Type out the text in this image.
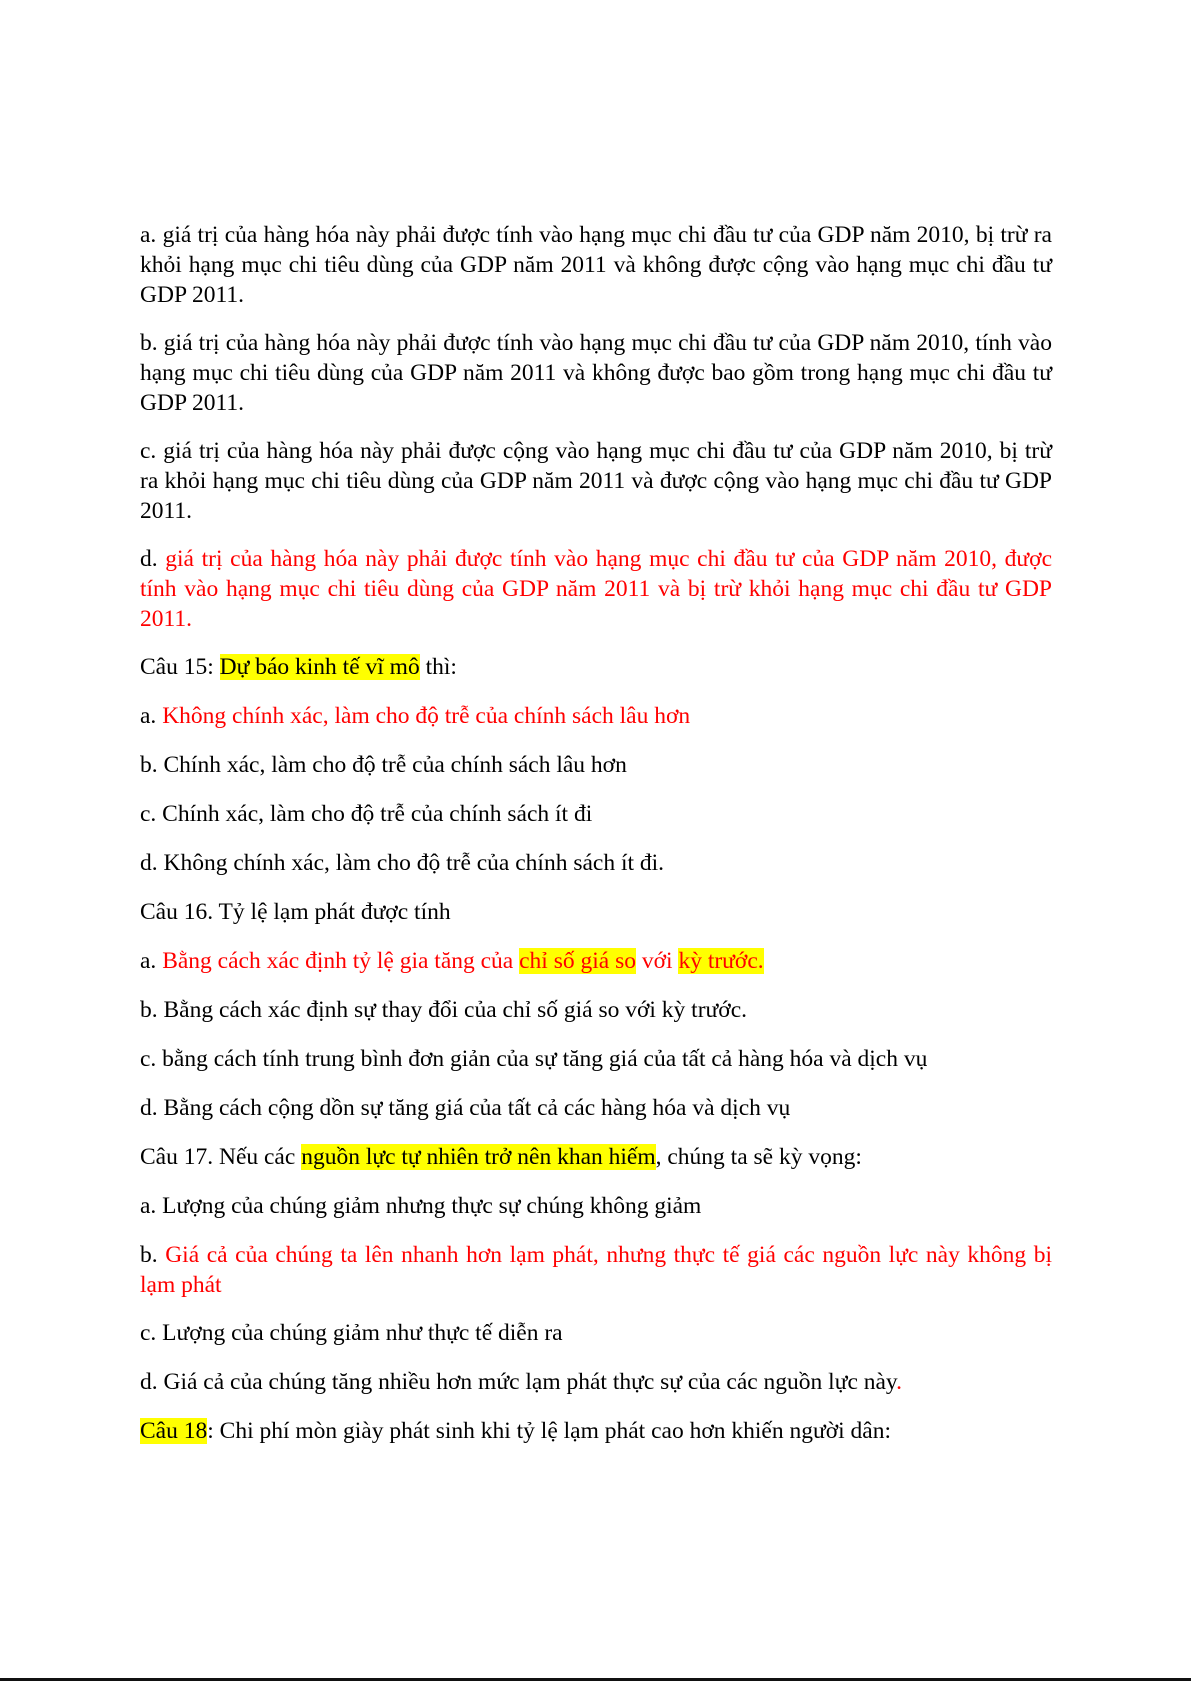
a. giá trị của hàng hóa này phải được tính vào hạng mục chi đầu tư của GDP năm 2010, bị trừ ra khỏi hạng mục chi tiêu dùng của GDP năm 2011 và không được cộng vào hạng mục chi đầu tư GDP 2011.

b. giá trị của hàng hóa này phải được tính vào hạng mục chi đầu tư của GDP năm 2010, tính vào hạng mục chi tiêu dùng của GDP năm 2011 và không được bao gồm trong hạng mục chi đầu tư GDP 2011.

c. giá trị của hàng hóa này phải được cộng vào hạng mục chi đầu tư của GDP năm 2010, bị trừ ra khỏi hạng mục chi tiêu dùng của GDP năm 2011 và được cộng vào hạng mục chi đầu tư GDP 2011.

d. giá trị của hàng hóa này phải được tính vào hạng mục chi đầu tư của GDP năm 2010, được tính vào hạng mục chi tiêu dùng của GDP năm 2011 và bị trừ khỏi hạng mục chi đầu tư GDP 2011.

Câu 15: Dự báo kinh tế vĩ mô thì:

a. Không chính xác, làm cho độ trễ của chính sách lâu hơn

b. Chính xác, làm cho độ trễ của chính sách lâu hơn

c. Chính xác, làm cho độ trễ của chính sách ít đi

d. Không chính xác, làm cho độ trễ của chính sách ít đi.

Câu 16. Tỷ lệ lạm phát được tính

a. Bằng cách xác định tỷ lệ gia tăng của chỉ số giá so với kỳ trước.

b. Bằng cách xác định sự thay đổi của chỉ số giá so với kỳ trước.

c. bằng cách tính trung bình đơn giản của sự tăng giá của tất cả hàng hóa và dịch vụ

d. Bằng cách cộng dồn sự tăng giá của tất cả các hàng hóa và dịch vụ

Câu 17. Nếu các nguồn lực tự nhiên trở nên khan hiếm, chúng ta sẽ kỳ vọng:

a. Lượng của chúng giảm nhưng thực sự chúng không giảm

b. Giá cả của chúng ta lên nhanh hơn lạm phát, nhưng thực tế giá các nguồn lực này không bị lạm phát

c. Lượng của chúng giảm như thực tế diễn ra

d. Giá cả của chúng tăng nhiều hơn mức lạm phát thực sự của các nguồn lực này.

Câu 18: Chi phí mòn giày phát sinh khi tỷ lệ lạm phát cao hơn khiến người dân:
